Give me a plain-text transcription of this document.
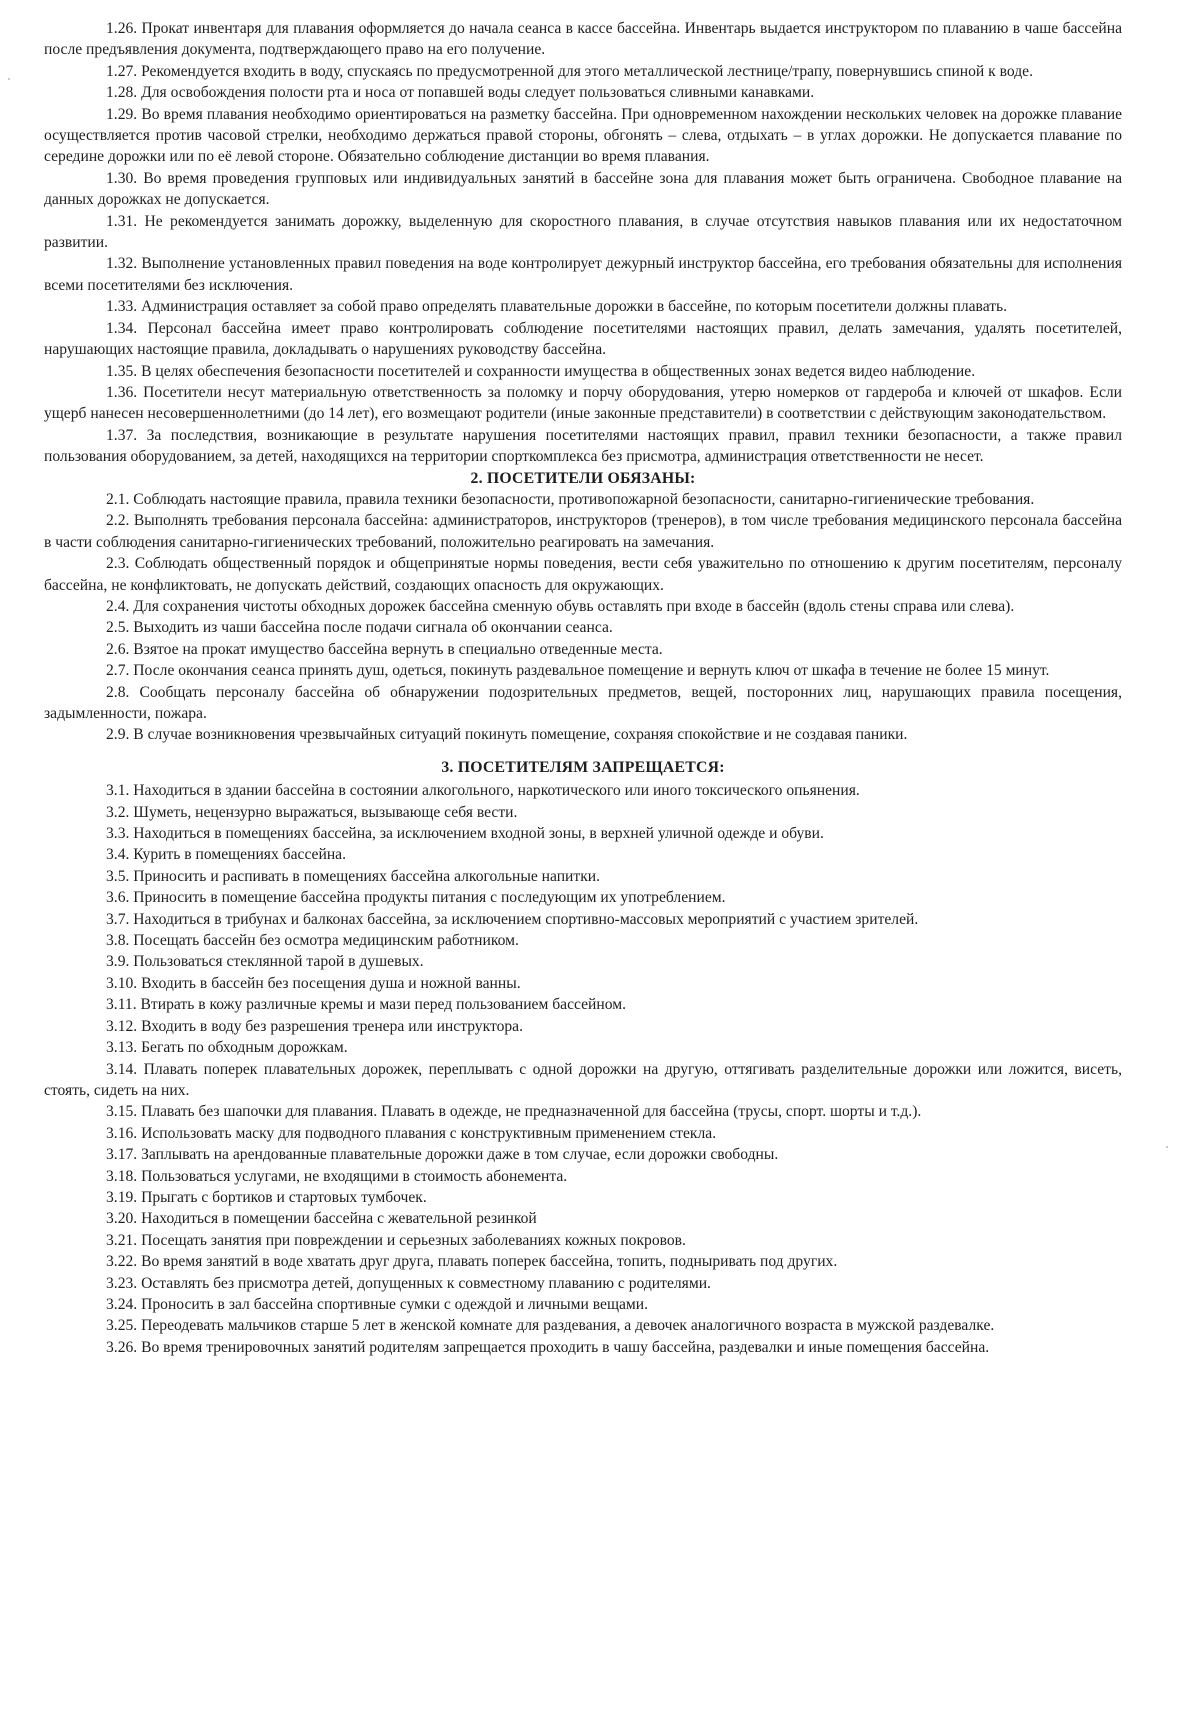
1.26. Прокат инвентаря для плавания оформляется до начала сеанса в кассе бассейна. Инвентарь выдается инструктором по плаванию в чаше бассейна после предъявления документа, подтверждающего право на его получение.

1.27. Рекомендуется входить в воду, спускаясь по предусмотренной для этого металлической лестнице/трапу, повернувшись спиной к воде.

1.28. Для освобождения полости рта и носа от попавшей воды следует пользоваться сливными канавками.

1.29. Во время плавания необходимо ориентироваться на разметку бассейна. При одновременном нахождении нескольких человек на дорожке плавание осуществляется против часовой стрелки, необходимо держаться правой стороны, обгонять – слева, отдыхать – в углах дорожки. Не допускается плавание по середине дорожки или по её левой стороне. Обязательно соблюдение дистанции во время плавания.

1.30. Во время проведения групповых или индивидуальных занятий в бассейне зона для плавания может быть ограничена. Свободное плавание на данных дорожках не допускается.

1.31. Не рекомендуется занимать дорожку, выделенную для скоростного плавания, в случае отсутствия навыков плавания или их недостаточном развитии.

1.32. Выполнение установленных правил поведения на воде контролирует дежурный инструктор бассейна, его требования обязательны для исполнения всеми посетителями без исключения.

1.33. Администрация оставляет за собой право определять плавательные дорожки в бассейне, по которым посетители должны плавать.

1.34. Персонал бассейна имеет право контролировать соблюдение посетителями настоящих правил, делать замечания, удалять посетителей, нарушающих настоящие правила, докладывать о нарушениях руководству бассейна.

1.35. В целях обеспечения безопасности посетителей и сохранности имущества в общественных зонах ведется видео наблюдение.

1.36. Посетители несут материальную ответственность за поломку и порчу оборудования, утерю номерков от гардероба и ключей от шкафов. Если ущерб нанесен несовершеннолетними (до 14 лет), его возмещают родители (иные законные представители) в соответствии с действующим законодательством.

1.37. За последствия, возникающие в результате нарушения посетителями настоящих правил, правил техники безопасности, а также правил пользования оборудованием, за детей, находящихся на территории спорткомплекса без присмотра, администрация ответственности не несет.

2. ПОСЕТИТЕЛИ ОБЯЗАНЫ:

2.1. Соблюдать настоящие правила, правила техники безопасности, противопожарной безопасности, санитарно-гигиенические требования.

2.2. Выполнять требования персонала бассейна: администраторов, инструкторов (тренеров), в том числе требования медицинского персонала бассейна в части соблюдения санитарно-гигиенических требований, положительно реагировать на замечания.

2.3. Соблюдать общественный порядок и общепринятые нормы поведения, вести себя уважительно по отношению к другим посетителям, персоналу бассейна, не конфликтовать, не допускать действий, создающих опасность для окружающих.

2.4. Для сохранения чистоты обходных дорожек бассейна сменную обувь оставлять при входе в бассейн (вдоль стены справа или слева).

2.5. Выходить из чаши бассейна после подачи сигнала об окончании сеанса.

2.6. Взятое на прокат имущество бассейна вернуть в специально отведенные места.

2.7. После окончания сеанса принять душ, одеться, покинуть раздевальное помещение и вернуть ключ от шкафа в течение не более 15 минут.

2.8. Сообщать персоналу бассейна об обнаружении подозрительных предметов, вещей, посторонних лиц, нарушающих правила посещения, задымленности, пожара.

2.9. В случае возникновения чрезвычайных ситуаций покинуть помещение, сохраняя спокойствие и не создавая паники.

3. ПОСЕТИТЕЛЯМ ЗАПРЕЩАЕТСЯ:

3.1. Находиться в здании бассейна в состоянии алкогольного, наркотического или иного токсического опьянения.

3.2. Шуметь, нецензурно выражаться, вызывающе себя вести.

3.3. Находиться в помещениях бассейна, за исключением входной зоны, в верхней уличной одежде и обуви.

3.4. Курить в помещениях бассейна.

3.5. Приносить и распивать в помещениях бассейна алкогольные напитки.

3.6. Приносить в помещение бассейна продукты питания с последующим их употреблением.

3.7. Находиться в трибунах и балконах бассейна, за исключением спортивно-массовых мероприятий с участием зрителей.

3.8. Посещать бассейн без осмотра медицинским работником.

3.9. Пользоваться стеклянной тарой в душевых.

3.10. Входить в бассейн без посещения душа и ножной ванны.

3.11. Втирать в кожу различные кремы и мази перед пользованием бассейном.

3.12. Входить в воду без разрешения тренера или инструктора.

3.13. Бегать по обходным дорожкам.

3.14. Плавать поперек плавательных дорожек, переплывать с одной дорожки на другую, оттягивать разделительные дорожки или ложится, висеть, стоять, сидеть на них.

3.15. Плавать без шапочки для плавания. Плавать в одежде, не предназначенной для бассейна (трусы, спорт. шорты и т.д.).

3.16. Использовать маску для подводного плавания с конструктивным применением стекла.

3.17. Заплывать на арендованные плавательные дорожки даже в том случае, если дорожки свободны.

3.18. Пользоваться услугами, не входящими в стоимость абонемента.

3.19. Прыгать с бортиков и стартовых тумбочек.

3.20. Находиться в помещении бассейна с жевательной резинкой

3.21. Посещать занятия при повреждении и серьезных заболеваниях кожных покровов.

3.22. Во время занятий в воде хватать друг друга, плавать поперек бассейна, топить, подныривать под других.

3.23. Оставлять без присмотра детей, допущенных к совместному плаванию с родителями.

3.24. Проносить в зал бассейна спортивные сумки с одеждой и личными вещами.

3.25. Переодевать мальчиков старше 5 лет в женской комнате для раздевания, а девочек аналогичного возраста в мужской раздевалке.

3.26. Во время тренировочных занятий родителям запрещается проходить в чашу бассейна, раздевалки и иные помещения бассейна.
